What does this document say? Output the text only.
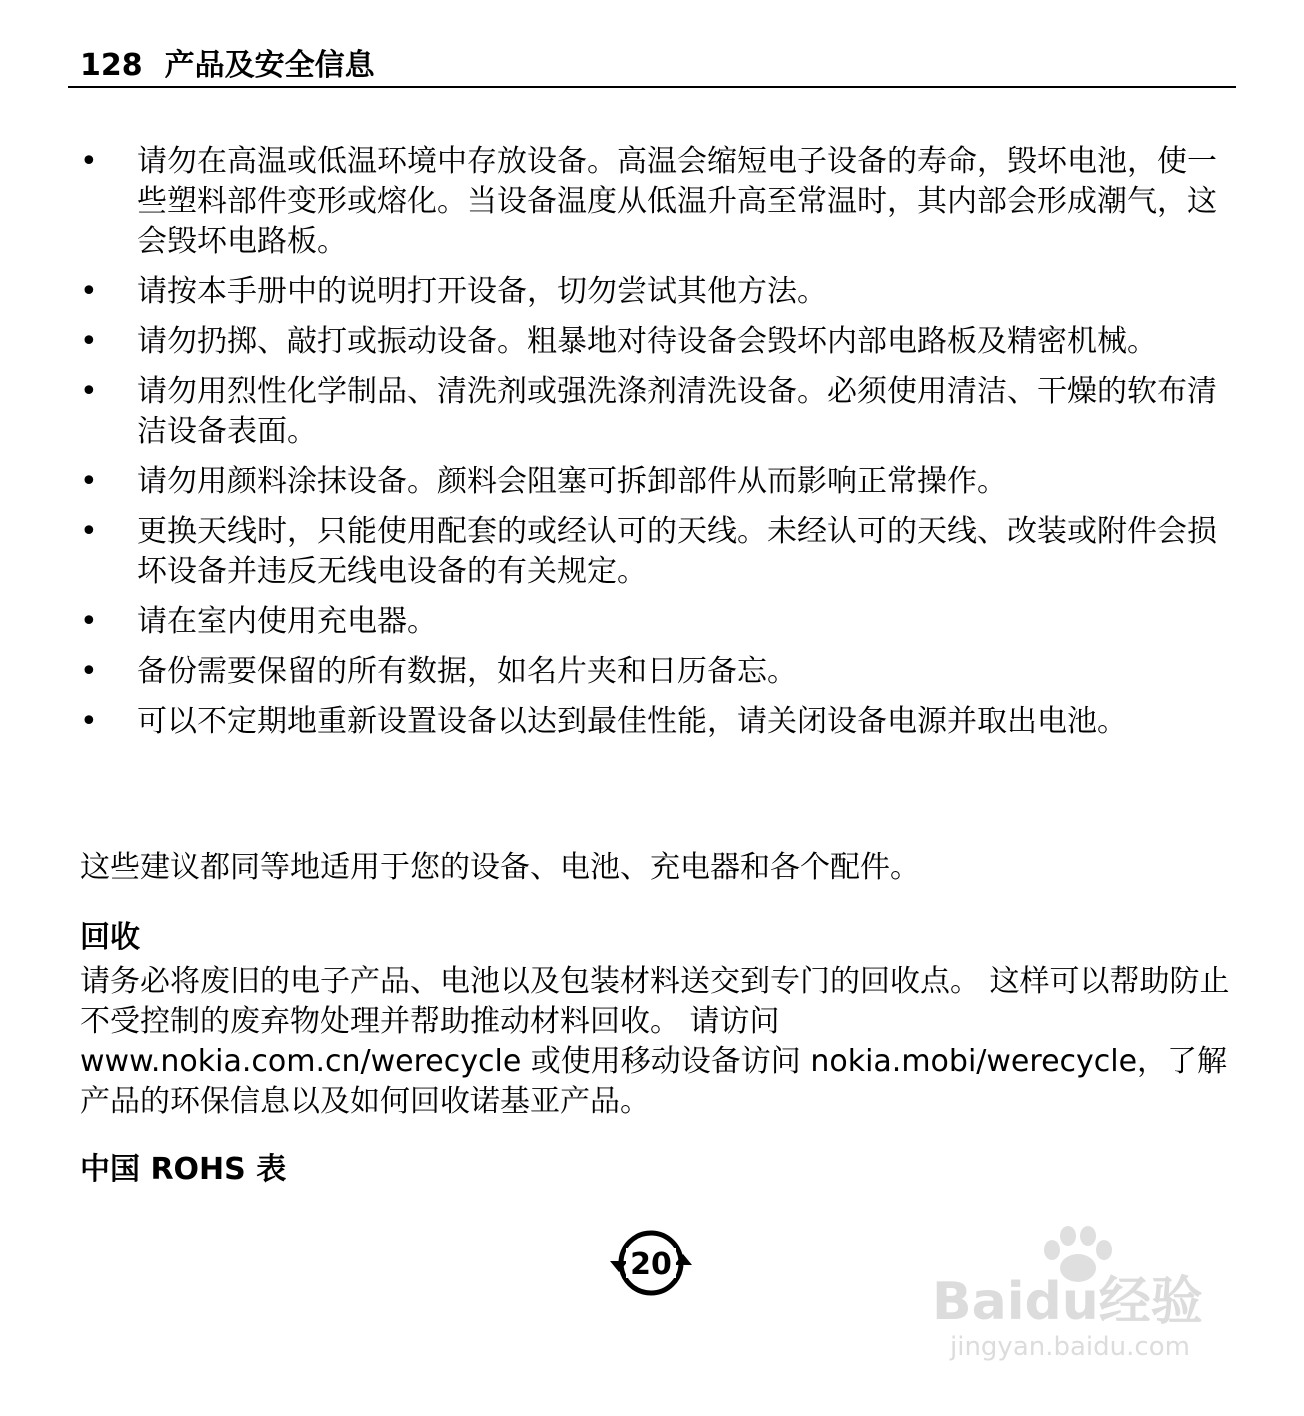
128 产品及安全信息
• 请勿在高温或低温环境中存放设备。高温会缩短电子设备的寿命，毁坏电池，使一些塑料部件变形或熔化。当设备温度从低温升高至常温时，其内部会形成潮气，这会毁坏电路板。
• 请按本手册中的说明打开设备，切勿尝试其他方法。
• 请勿扔掷、敲打或振动设备。粗暴地对待设备会毁坏内部电路板及精密机械。
• 请勿用烈性化学制品、清洗剂或强洗涤剂清洗设备。必须使用清洁、干燥的软布清洁设备表面。
• 请勿用颜料涂抹设备。颜料会阻塞可拆卸部件从而影响正常操作。
• 更换天线时，只能使用配套的或经认可的天线。未经认可的天线、改装或附件会损坏设备并违反无线电设备的有关规定。
• 请在室内使用充电器。
• 备份需要保留的所有数据，如名片夹和日历备忘。
• 可以不定期地重新设置设备以达到最佳性能，请关闭设备电源并取出电池。
这些建议都同等地适用于您的设备、电池、充电器和各个配件。
回收
请务必将废旧的电子产品、电池以及包装材料送交到专门的回收点。 这样可以帮助防止不受控制的废弃物处理并帮助推动材料回收。 请访问 www.nokia.com.cn/werecycle 或使用移动设备访问 nokia.mobi/werecycle，了解产品的环保信息以及如何回收诺基亚产品。
中国 ROHS 表
20
Baidu经验
jingyan.baidu.com
